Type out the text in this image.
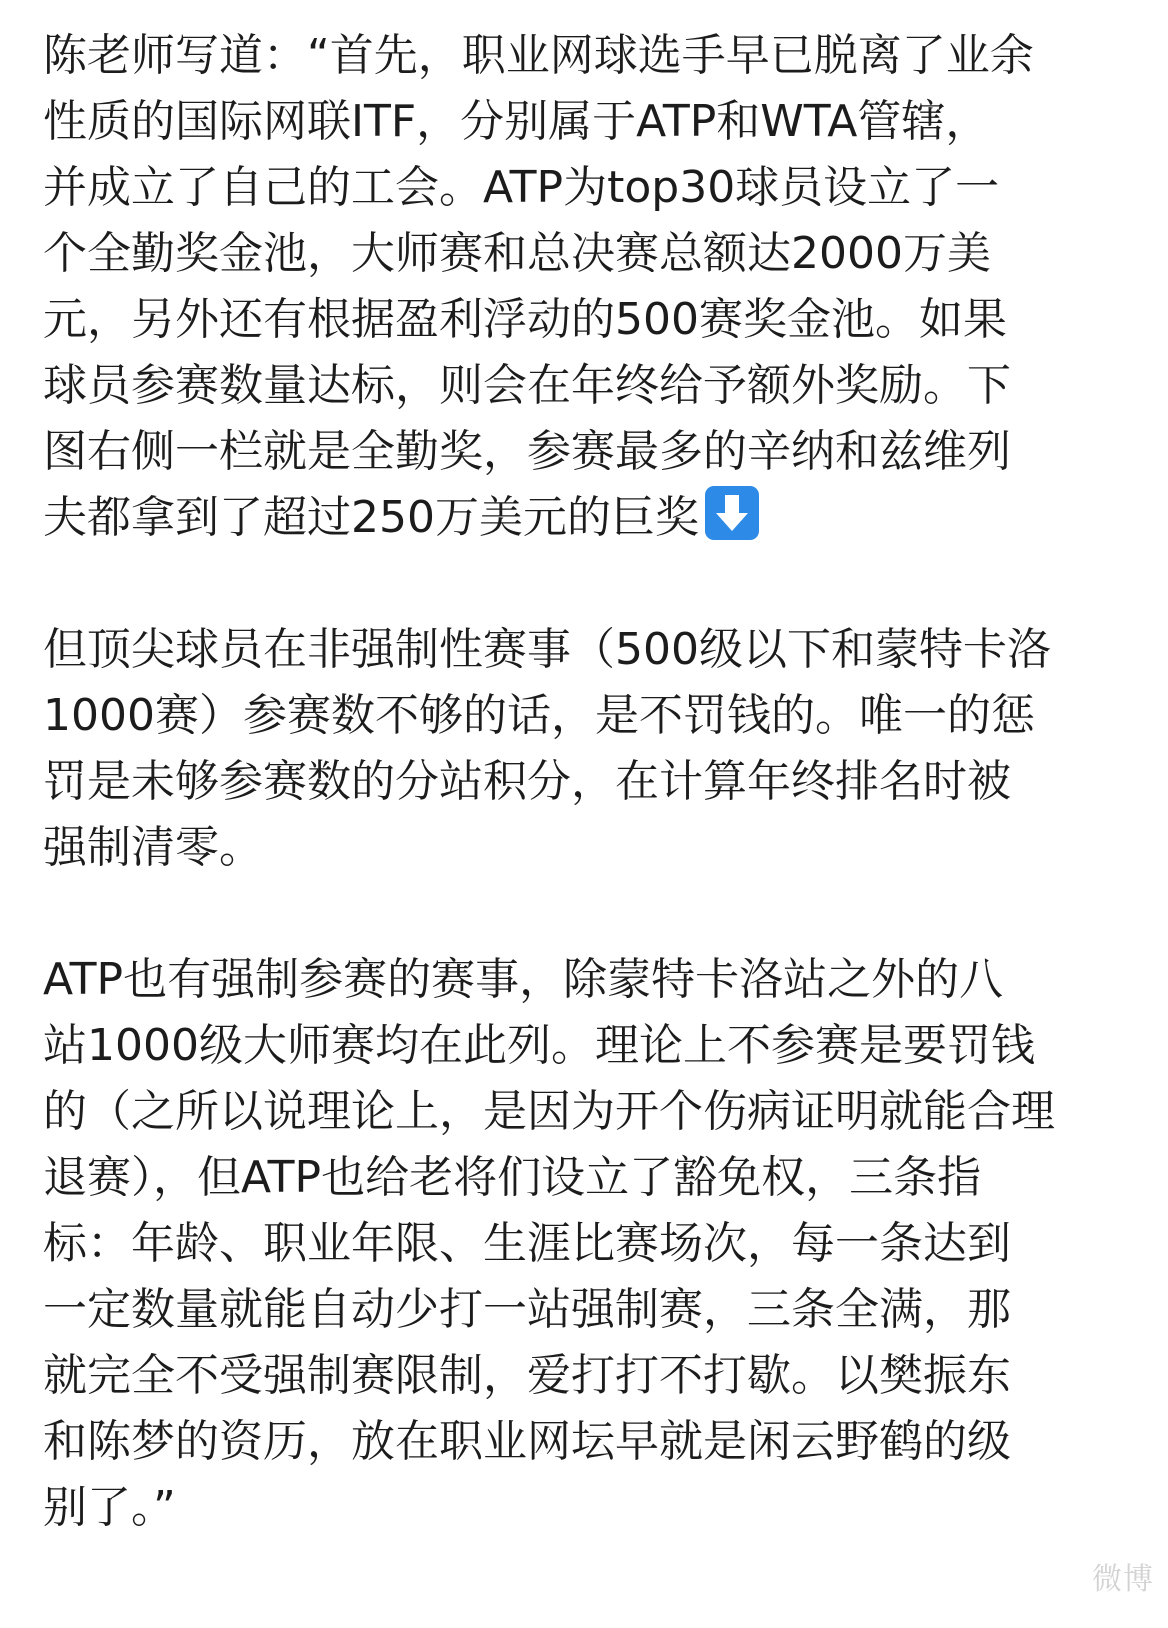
陈老师写道：“首先，职业网球选手早已脱离了业余
性质的国际网联ITF，分别属于ATP和WTA管辖，
并成立了自己的工会。ATP为top30球员设立了一
个全勤奖金池，大师赛和总决赛总额达2000万美
元，另外还有根据盈利浮动的500赛奖金池。如果
球员参赛数量达标，则会在年终给予额外奖励。下
图右侧一栏就是全勤奖，参赛最多的辛纳和兹维列
夫都拿到了超过250万美元的巨奖

但顶尖球员在非强制性赛事（500级以下和蒙特卡洛
1000赛）参赛数不够的话，是不罚钱的。唯一的惩
罚是未够参赛数的分站积分，在计算年终排名时被
强制清零。

ATP也有强制参赛的赛事，除蒙特卡洛站之外的八
站1000级大师赛均在此列。理论上不参赛是要罚钱
的（之所以说理论上，是因为开个伤病证明就能合理
退赛），但ATP也给老将们设立了豁免权，三条指
标：年龄、职业年限、生涯比赛场次，每一条达到
一定数量就能自动少打一站强制赛，三条全满，那
就完全不受强制赛限制，爱打打不打歇。以樊振东
和陈梦的资历，放在职业网坛早就是闲云野鹤的级
别了。”

微博
